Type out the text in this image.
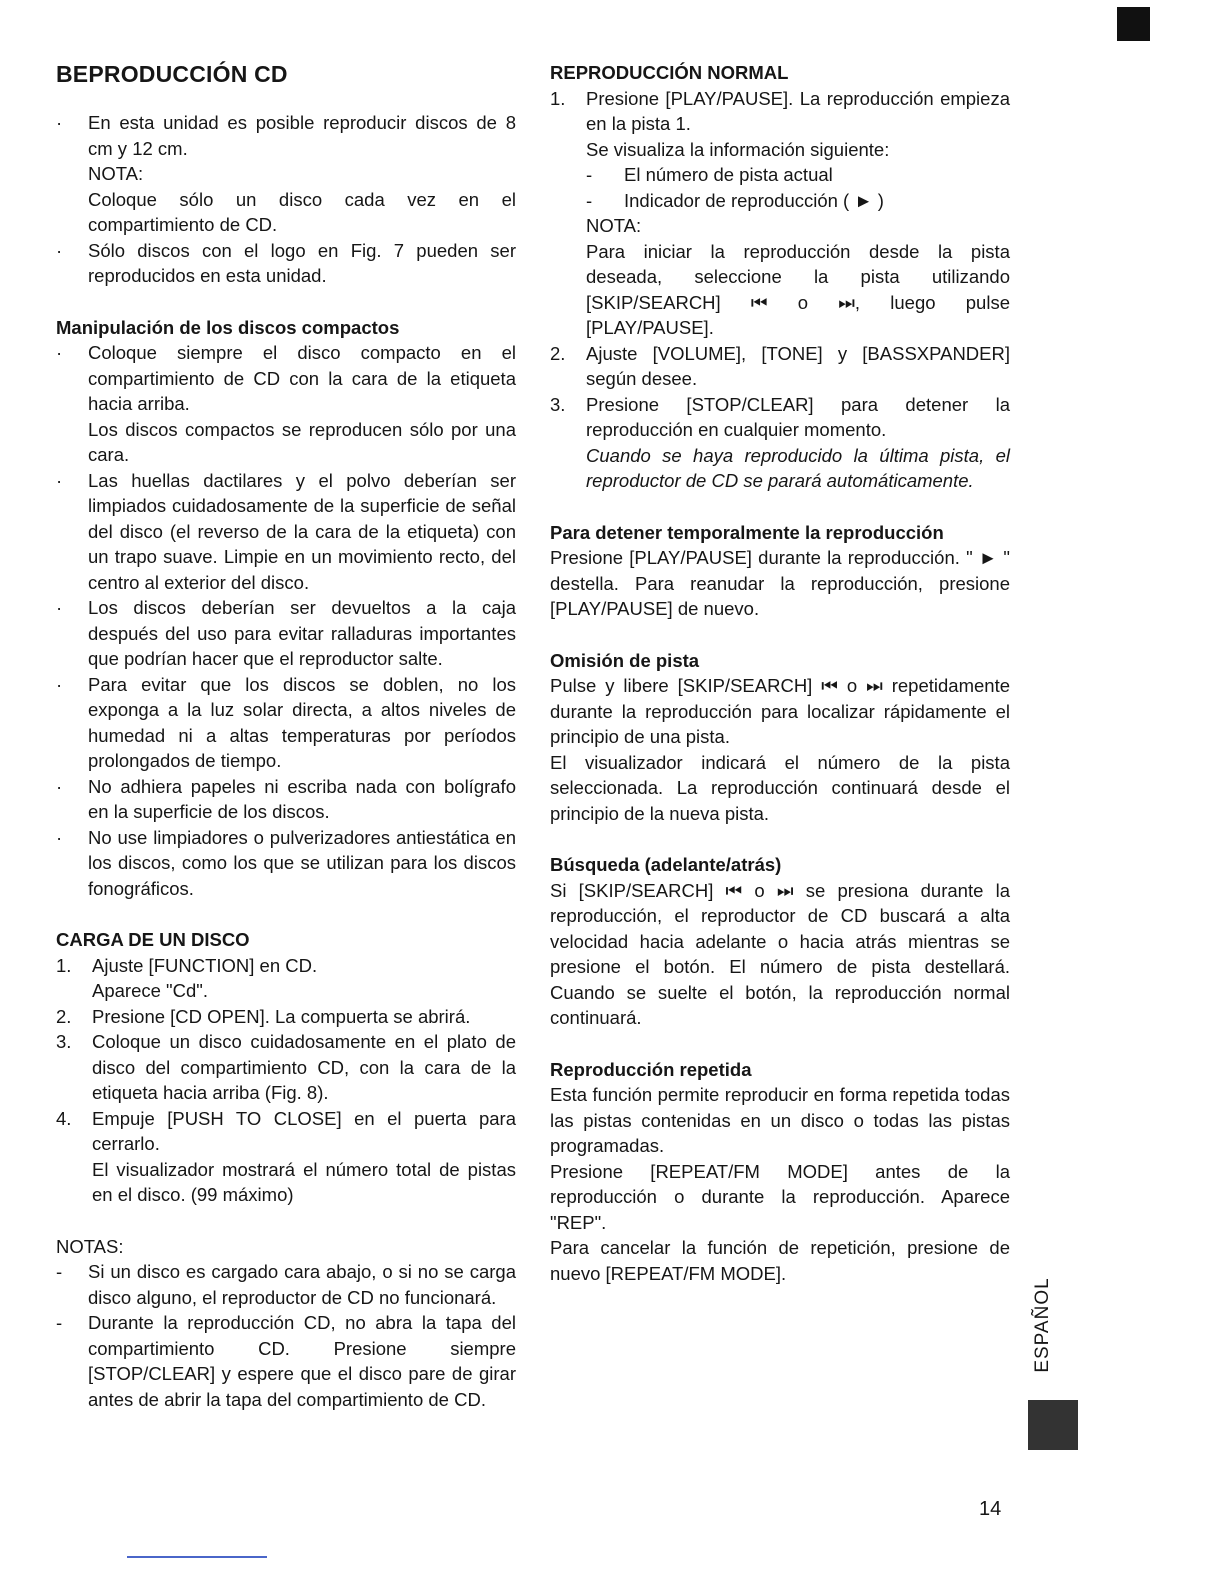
BEPRODUCCIÓN CD
· En esta unidad es posible reproducir discos de 8 cm y 12 cm.

NOTA:

Coloque sólo un disco cada vez en el compartimiento de CD.

· Sólo discos con el logo en Fig. 7 pueden ser reproducidos en esta unidad.

Manipulación de los discos compactos
· Coloque siempre el disco compacto en el compartimiento de CD con la cara de la etiqueta hacia arriba.

Los discos compactos se reproducen sólo por una cara.

· Las huellas dactilares y el polvo deberían ser limpiados cuidadosamente de la superficie de señal del disco (el reverso de la cara de la etiqueta) con un trapo suave. Limpie en un movimiento recto, del centro al exterior del disco.

· Los discos deberían ser devueltos a la caja después del uso para evitar ralladuras importantes que podrían hacer que el reproductor salte.

· Para evitar que los discos se doblen, no los exponga a la luz solar directa, a altos niveles de humedad ni a altas temperaturas por períodos prolongados de tiempo.

· No adhiera papeles ni escriba nada con bolígrafo en la superficie de los discos.

· No use limpiadores o pulverizadores antiestática en los discos, como los que se utilizan para los discos fonográficos.

CARGA DE UN DISCO
1. Ajuste [FUNCTION] en CD.

Aparece "Cd".

2. Presione [CD OPEN]. La compuerta se abrirá.

3. Coloque un disco cuidadosamente en el plato de disco del compartimiento CD, con la cara de la etiqueta hacia arriba (Fig. 8).

4. Empuje [PUSH TO CLOSE] en el puerta para cerrarlo.

El visualizador mostrará el número total de pistas en el disco. (99 máximo)

NOTAS:

- Si un disco es cargado cara abajo, o si no se carga disco alguno, el reproductor de CD no funcionará.

- Durante la reproducción CD, no abra la tapa del compartimiento CD. Presione siempre [STOP/CLEAR] y espere que el disco pare de girar antes de abrir la tapa del compartimiento de CD.

REPRODUCCIÓN NORMAL
1. Presione [PLAY/PAUSE]. La reproducción empieza en la pista 1.

Se visualiza la información siguiente:

- El número de pista actual
- Indicador de reproducción ( ► )

NOTA:

Para iniciar la reproducción desde la pista deseada, seleccione la pista utilizando [SKIP/SEARCH] ⏮ o ⏭, luego pulse [PLAY/PAUSE].

2. Ajuste [VOLUME], [TONE] y [BASSXPANDER] según desee.

3. Presione [STOP/CLEAR] para detener la reproducción en cualquier momento.

Cuando se haya reproducido la última pista, el reproductor de CD se parará automáticamente.

Para detener temporalmente la reproducción

Presione [PLAY/PAUSE] durante la reproducción. " ► " destella. Para reanudar la reproducción, presione [PLAY/PAUSE] de nuevo.

Omisión de pista

Pulse y libere [SKIP/SEARCH] ⏮ o ⏭ repetidamente durante la reproducción para localizar rápidamente el principio de una pista.

El visualizador indicará el número de la pista seleccionada. La reproducción continuará desde el principio de la nueva pista.

Búsqueda (adelante/atrás)

Si [SKIP/SEARCH] ⏮ o ⏭ se presiona durante la reproducción, el reproductor de CD buscará a alta velocidad hacia adelante o hacia atrás mientras se presione el botón. El número de pista destellará. Cuando se suelte el botón, la reproducción normal continuará.

Reproducción repetida

Esta función permite reproducir en forma repetida todas las pistas contenidas en un disco o todas las pistas programadas.

Presione [REPEAT/FM MODE] antes de la reproducción o durante la reproducción. Aparece "REP".

Para cancelar la función de repetición, presione de nuevo [REPEAT/FM MODE].

ESPAÑOL
14
